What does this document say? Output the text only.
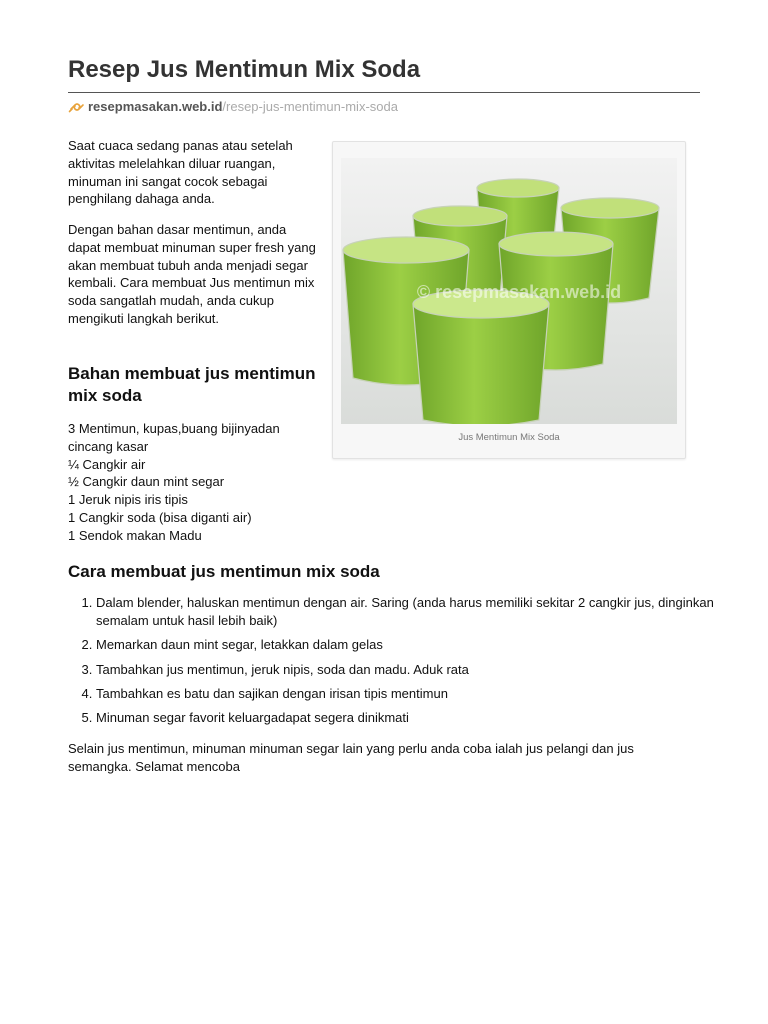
Resep Jus Mentimun Mix Soda
resepmasakan.web.id /resep-jus-mentimun-mix-soda

Saat cuaca sedang panas atau setelah aktivitas melelahkan diluar ruangan, minuman ini sangat cocok sebagai penghilang dahaga anda.

Dengan bahan dasar mentimun, anda dapat membuat minuman super fresh yang akan membuat tubuh anda menjadi segar kembali. Cara membuat Jus mentimun mix soda sangatlah mudah, anda cukup mengikuti langkah berikut.

Bahan membuat jus mentimun mix soda
3 Mentimun, kupas,buang bijinyadan cincang kasar
¼ Cangkir air
½ Cangkir daun mint segar
1 Jeruk nipis iris tipis
1 Cangkir soda (bisa diganti air)
1 Sendok makan Madu
Cara membuat jus mentimun mix soda
1. Dalam blender, haluskan mentimun dengan air. Saring (anda harus memiliki sekitar 2 cangkir jus, dinginkan semalam untuk hasil lebih baik)
2. Memarkan daun mint segar, letakkan dalam gelas
3. Tambahkan jus mentimun, jeruk nipis, soda dan madu. Aduk rata
4. Tambahkan es batu dan sajikan dengan irisan tipis mentimun
5. Minuman segar favorit keluargadapat segera dinikmati

Selain jus mentimun, minuman minuman segar lain yang perlu anda coba ialah jus pelangi dan jus semangka. Selamat mencoba

© resepmasakan.web.id
Jus Mentimun Mix Soda
